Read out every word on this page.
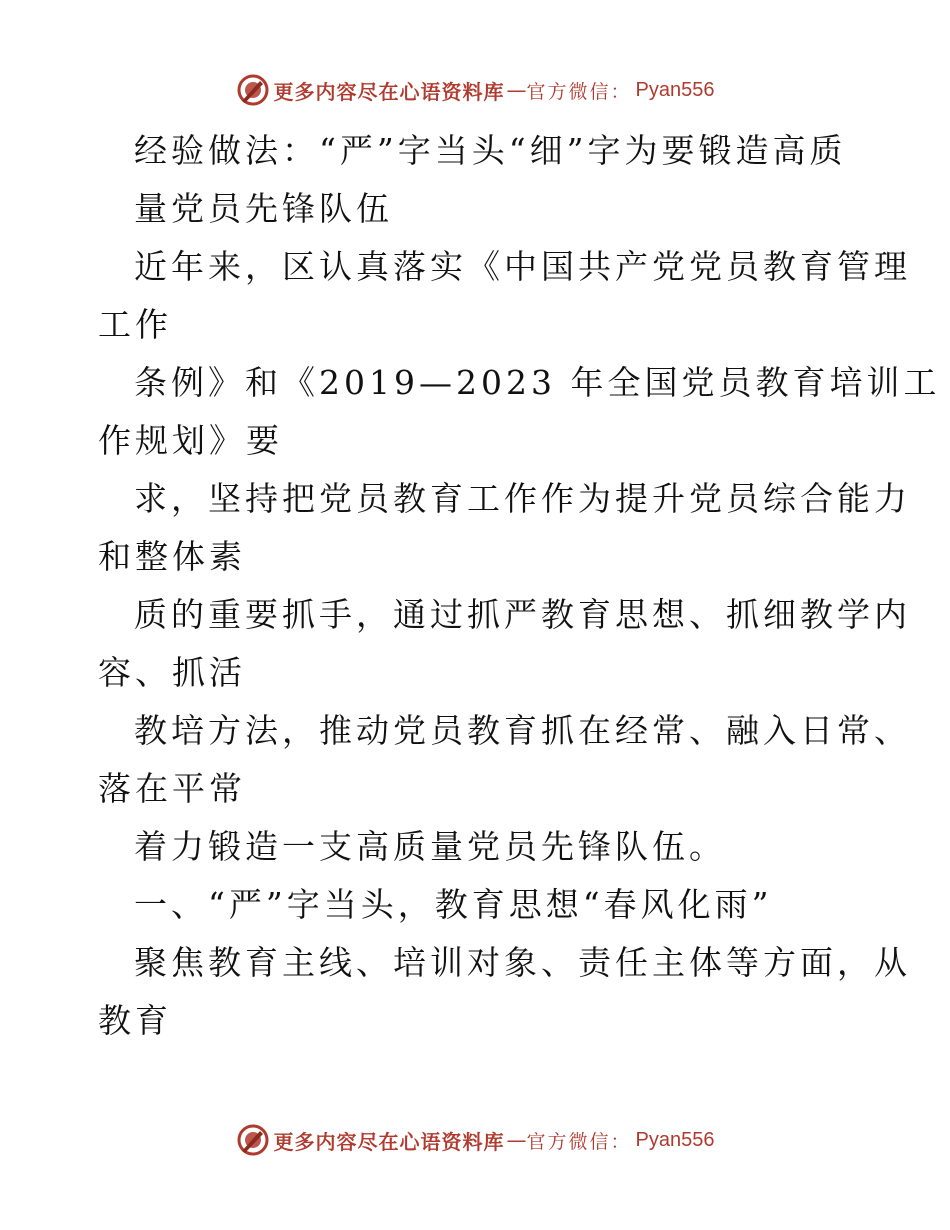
更多内容尽在心语资料库 — 官方微信 ： Pyan556
经验做法：“严”字当头“细”字为要锻造高质
量党员先锋队伍
近年来，区认真落实《中国共产党党员教育管理
工作
条例》和《2019—2023 年全国党员教育培训工
作规划》要
求，坚持把党员教育工作作为提升党员综合能力
和整体素
质的重要抓手，通过抓严教育思想、抓细教学内
容、抓活
教培方法，推动党员教育抓在经常、融入日常、
落在平常
着力锻造一支高质量党员先锋队伍。
一、“严”字当头，教育思想“春风化雨”
聚焦教育主线、培训对象、责任主体等方面，从
教育
更多内容尽在心语资料库 — 官方微信 ： Pyan556
